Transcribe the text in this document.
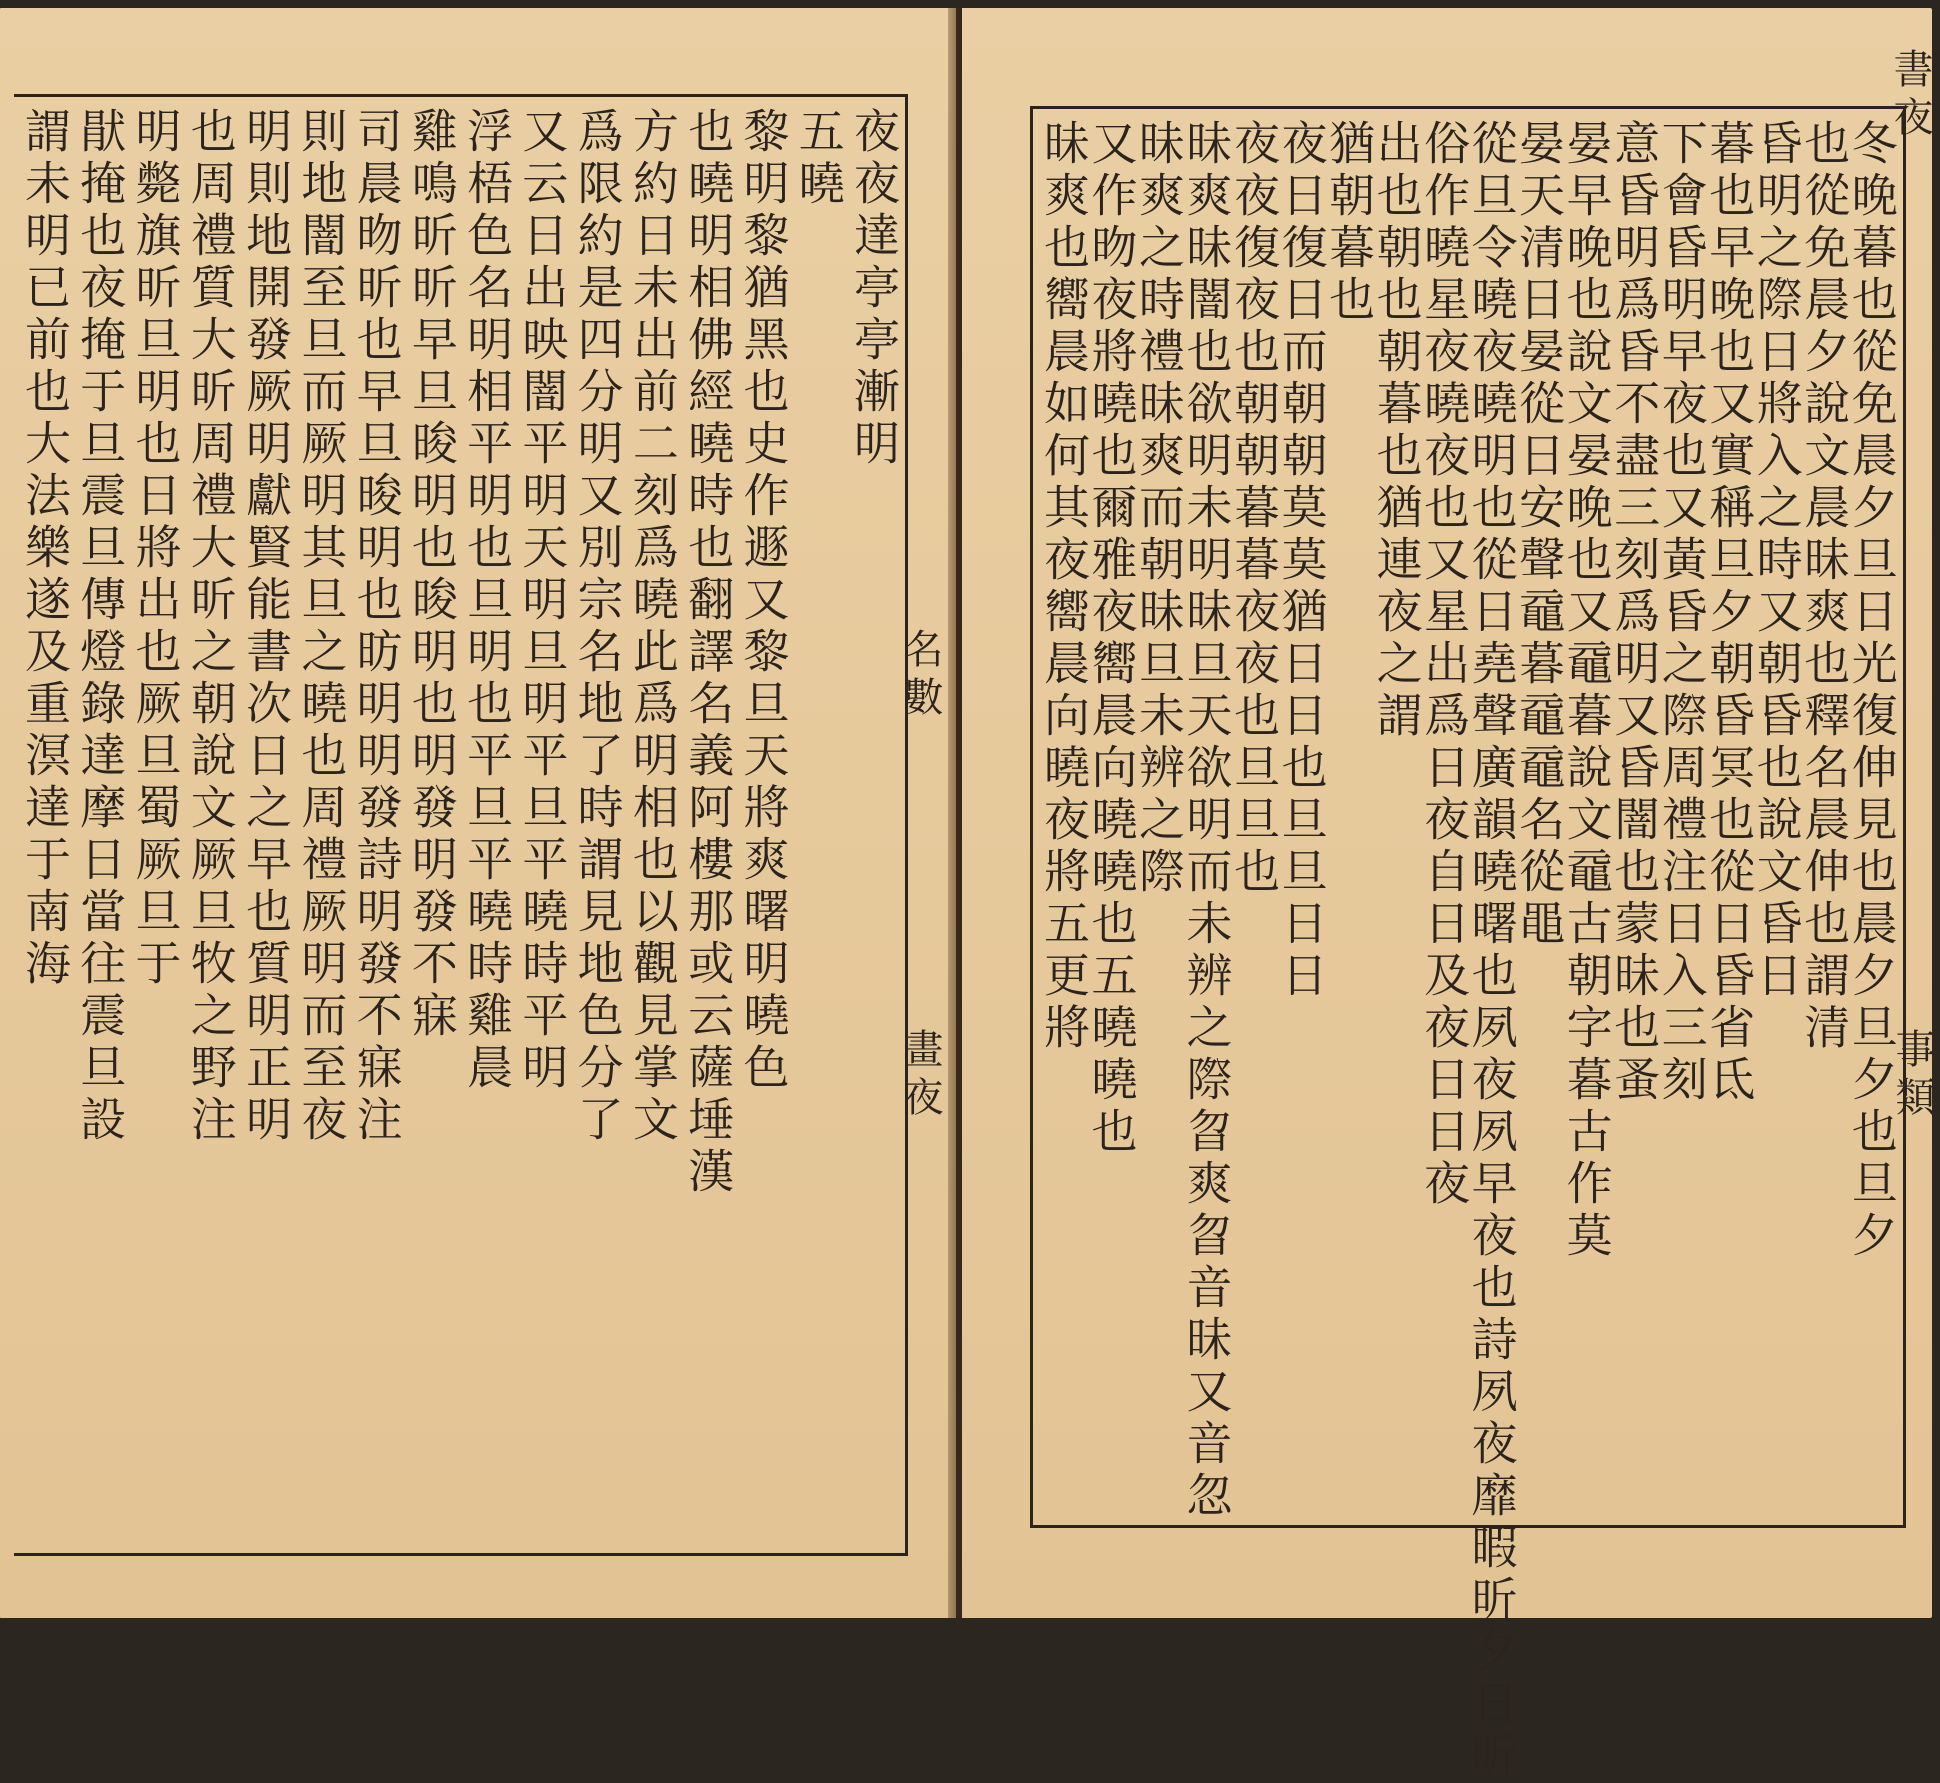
夜夜達亭亭漸明
五曉
黎明黎猶黑也史作遯又黎旦天將爽曙明曉色
也曉明相佛經曉時也翻譯名義阿樓那或云薩埵漢
方約日未出前二刻爲曉此爲明相也以觀見掌文
爲限約是四分明又別宗名地了時謂見地色分了
又云日出映闇平明天明旦明平旦平曉時平明
浮梧色名明相平明也旦明也平旦平曉時雞晨
雞鳴昕昕早旦晙明也晙明也明發明發不寐
司晨昒昕也早旦晙明也昉明明發詩明發不寐注
則地闇至旦而厥明其旦之曉也周禮厥明而至夜
明則地開發厥明獻賢能書次日之早也質明正明
也周禮質大昕周禮大昕之朝說文厥旦牧之野注
明斃旗昕旦明也日將出也厥旦蜀厥旦于
猒掩也夜掩于旦震旦傳燈錄達摩日當往震旦設
謂未明已前也大法樂遂及重溟達于南海	名數
畫夜	冬晚暮也從免晨夕旦日光復伸見也晨夕旦夕也旦夕
也從免晨夕說文晨昧爽也釋名晨伸也謂清
昏明之際日將入之時又朝昏也說文昏日
暮也早晚也又實稱旦夕朝昏冥也從日昏省氐
下會昏明早夜也又黃昏之際周禮注日入三刻
意昏明爲昏不盡三刻爲明又昏闇也蒙昧也蚤
晏早晚也說文晏晚也又黿暮說文黿古朝字暮古作莫
晏天清日晏從日安聲黿暮黿黿名從黽
從旦令曉夜曉明也從日堯聲廣韻曉曙也夙夜夙早夜也詩夙夜靡暇昕夕日昕
俗作曉星夜曉夜也又星出爲日夜自日及夜日日夜
出也朝也朝暮也猶連夜之謂
猶朝暮也
夜日復日而朝朝莫莫猶日日也旦旦日日
夜夜復夜也朝朝暮暮夜夜也旦旦也
昧爽昧闇也欲明未明昧旦天欲明而未辨之際曶爽曶音昧又音忽
昧爽之時禮昧爽而朝昧旦未辨之際
又作昒夜將曉也爾雅夜嚮晨向曉曉也五曉曉也
昧爽也嚮晨如何其夜嚮晨向曉夜將五更將
書夜
事類
